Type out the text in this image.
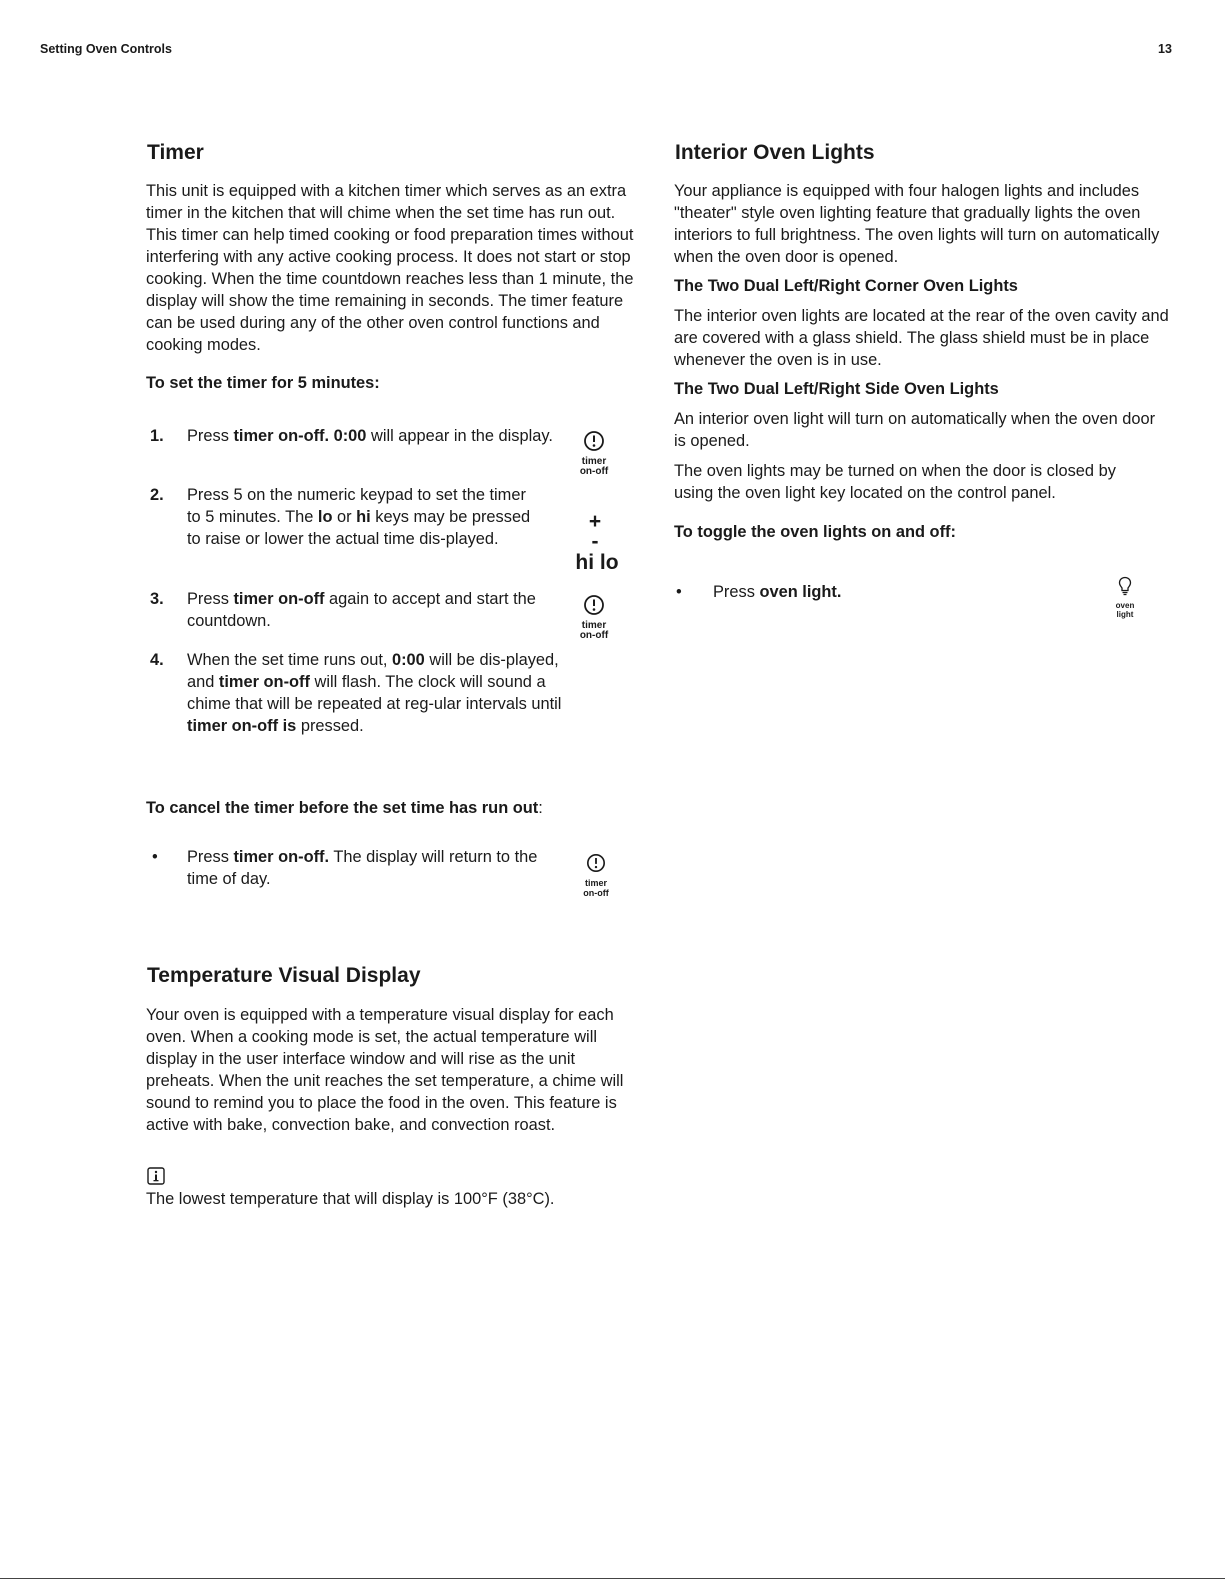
Setting Oven Controls	13
Timer

This unit is equipped with a kitchen timer which serves as an extra timer in the kitchen that will chime when the set time has run out. This timer can help timed cooking or food preparation times without interfering with any active cooking process. It does not start or stop cooking. When the time countdown reaches less than 1 minute, the display will show the time remaining in seconds. The timer feature can be used during any of the other oven control functions and cooking modes.

To set the timer for 5 minutes:

1. Press timer on-off. 0:00 will appear in the display.
2. Press 5 on the numeric keypad to set the timer to 5 minutes. The lo or hi keys may be pressed to raise or lower the actual time dis-played.
3. Press timer on-off again to accept and start the countdown.
4. When the set time runs out, 0:00 will be dis-played, and timer on-off will flash. The clock will sound a chime that will be repeated at reg-ular intervals until timer on-off is pressed.
timer
on-off
+ -
hi lo
timer
on-off

To cancel the timer before the set time has run out:

• Press timer on-off. The display will return to the time of day.	timer
on-off
Temperature Visual Display

Your oven is equipped with a temperature visual display for each oven. When a cooking mode is set, the actual temperature will display in the user interface window and will rise as the unit preheats. When the unit reaches the set temperature, a chime will sound to remind you to place the food in the oven. This feature is active with bake, convection bake, and convection roast.

The lowest temperature that will display is 100°F (38°C).

Interior Oven Lights

Your appliance is equipped with four halogen lights and includes "theater" style oven lighting feature that gradually lights the oven interiors to full brightness. The oven lights will turn on automatically when the oven door is opened.

The Two Dual Left/Right Corner Oven Lights

The interior oven lights are located at the rear of the oven cavity and are covered with a glass shield. The glass shield must be in place whenever the oven is in use.

The Two Dual Left/Right Side Oven Lights

An interior oven light will turn on automatically when the oven door is opened.

The oven lights may be turned on when the door is closed by using the oven light key located on the control panel.

To toggle the oven lights on and off:

• Press oven light.
oven
light
